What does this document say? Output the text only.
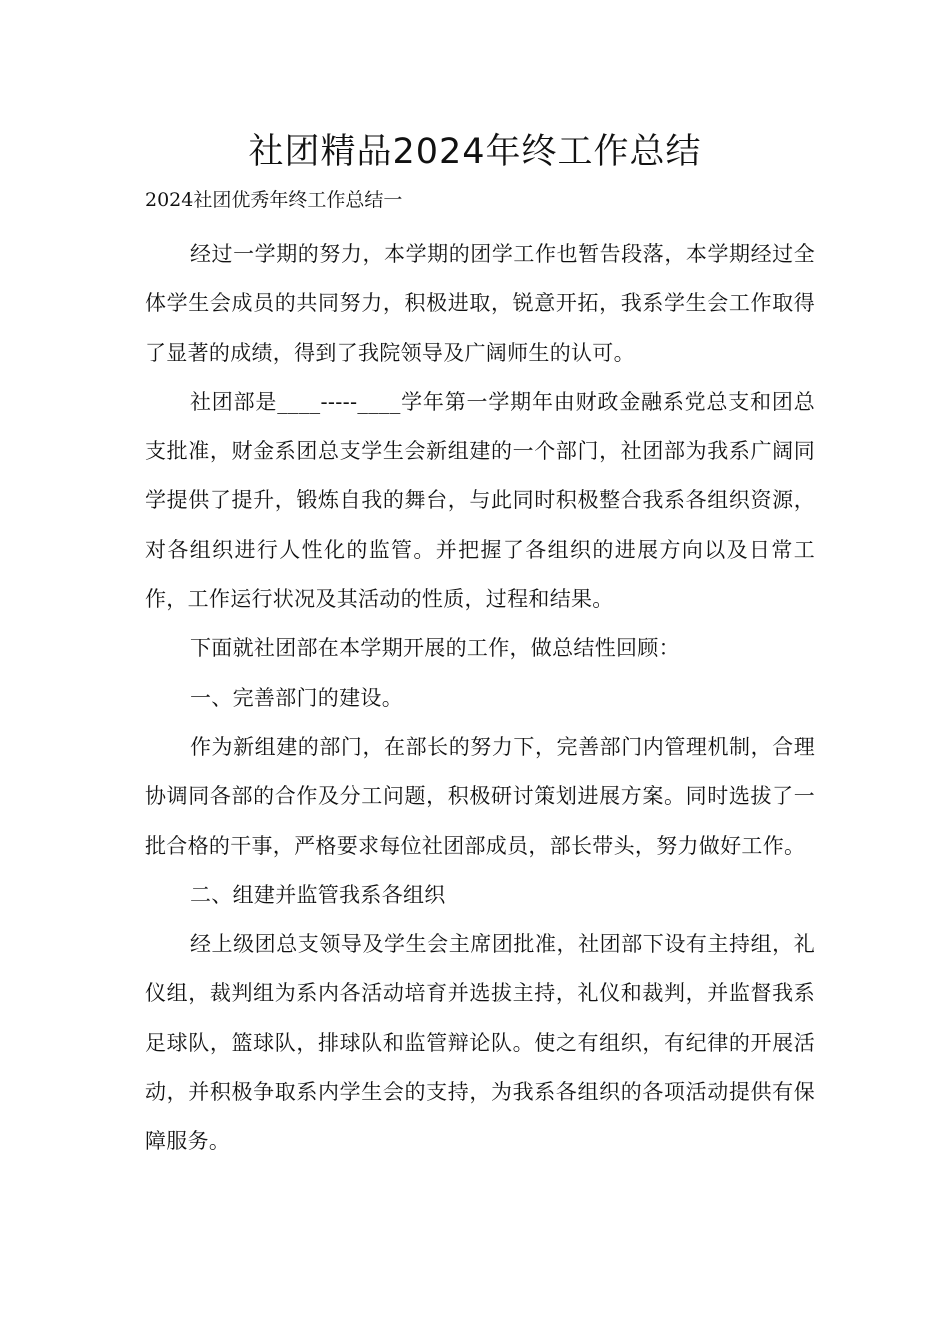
社团精品2024年终工作总结
2024社团优秀年终工作总结一

经过一学期的努力，本学期的团学工作也暂告段落，本学期经过全体学生会成员的共同努力，积极进取，锐意开拓，我系学生会工作取得了显著的成绩，得到了我院领导及广阔师生的认可。

社团部是____-----____学年第一学期年由财政金融系党总支和团总支批准，财金系团总支学生会新组建的一个部门，社团部为我系广阔同学提供了提升，锻炼自我的舞台，与此同时积极整合我系各组织资源，对各组织进行人性化的监管。并把握了各组织的进展方向以及日常工作，工作运行状况及其活动的性质，过程和结果。

下面就社团部在本学期开展的工作，做总结性回顾：

一、完善部门的建设。

作为新组建的部门，在部长的努力下，完善部门内管理机制，合理协调同各部的合作及分工问题，积极研讨策划进展方案。同时选拔了一批合格的干事，严格要求每位社团部成员，部长带头，努力做好工作。

二、组建并监管我系各组织

经上级团总支领导及学生会主席团批准，社团部下设有主持组，礼仪组，裁判组为系内各活动培育并选拔主持，礼仪和裁判，并监督我系足球队，篮球队，排球队和监管辩论队。使之有组织，有纪律的开展活动，并积极争取系内学生会的支持，为我系各组织的各项活动提供有保障服务。
